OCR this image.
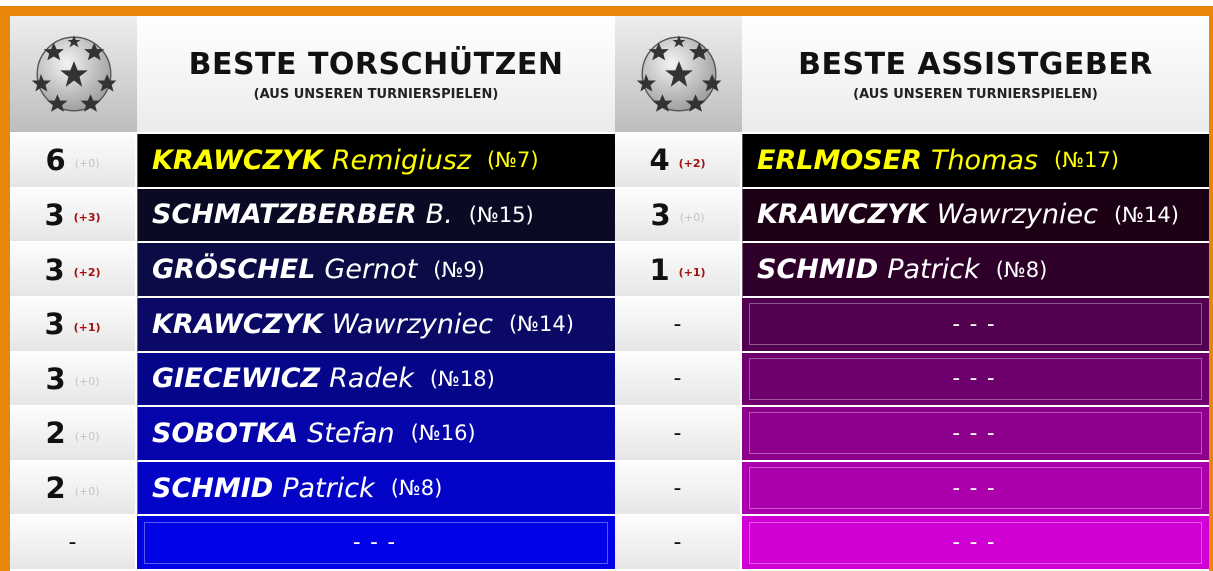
BESTE TORSCHÜTZEN
(AUS UNSEREN TURNIERSPIELEN)
BESTE ASSISTGEBER
(AUS UNSEREN TURNIERSPIELEN)
6 (+0) KRAWCZYK Remigiusz (№7)
3 (+3) SCHMATZBERBER B. (№15)
3 (+2) GRÖSCHEL Gernot (№9)
3 (+1) KRAWCZYK Wawrzyniec (№14)
3 (+0) GIECEWICZ Radek (№18)
2 (+0) SOBOTKA Stefan (№16)
2 (+0) SCHMID Patrick (№8)
-	---
4 (+2) ERLMOSER Thomas (№17)
3 (+0) KRAWCZYK Wawrzyniec (№14)
1 (+1) SCHMID Patrick (№8)
-	---
-	---
-	---
-	---
-	---
